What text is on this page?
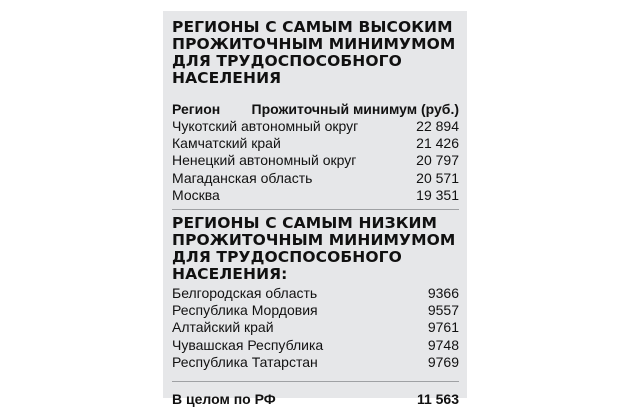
РЕГИОНЫ С САМЫМ ВЫСОКИМ
ПРОЖИТОЧНЫМ МИНИМУМОМ
ДЛЯ ТРУДОСПОСОБНОГО
НАСЕЛЕНИЯ
Регион Прожиточный минимум (руб.)
Чукотский автономный округ	22 894
Камчатский край	21 426
Ненецкий автономный округ	20 797
Магаданская область	20 571
Москва	19 351
РЕГИОНЫ С САМЫМ НИЗКИМ
ПРОЖИТОЧНЫМ МИНИМУМОМ
ДЛЯ ТРУДОСПОСОБНОГО
НАСЕЛЕНИЯ:
Белгородская область	9366
Республика Мордовия	9557
Алтайский край	9761
Чувашская Республика	9748
Республика Татарстан	9769
В целом по РФ	11 563
